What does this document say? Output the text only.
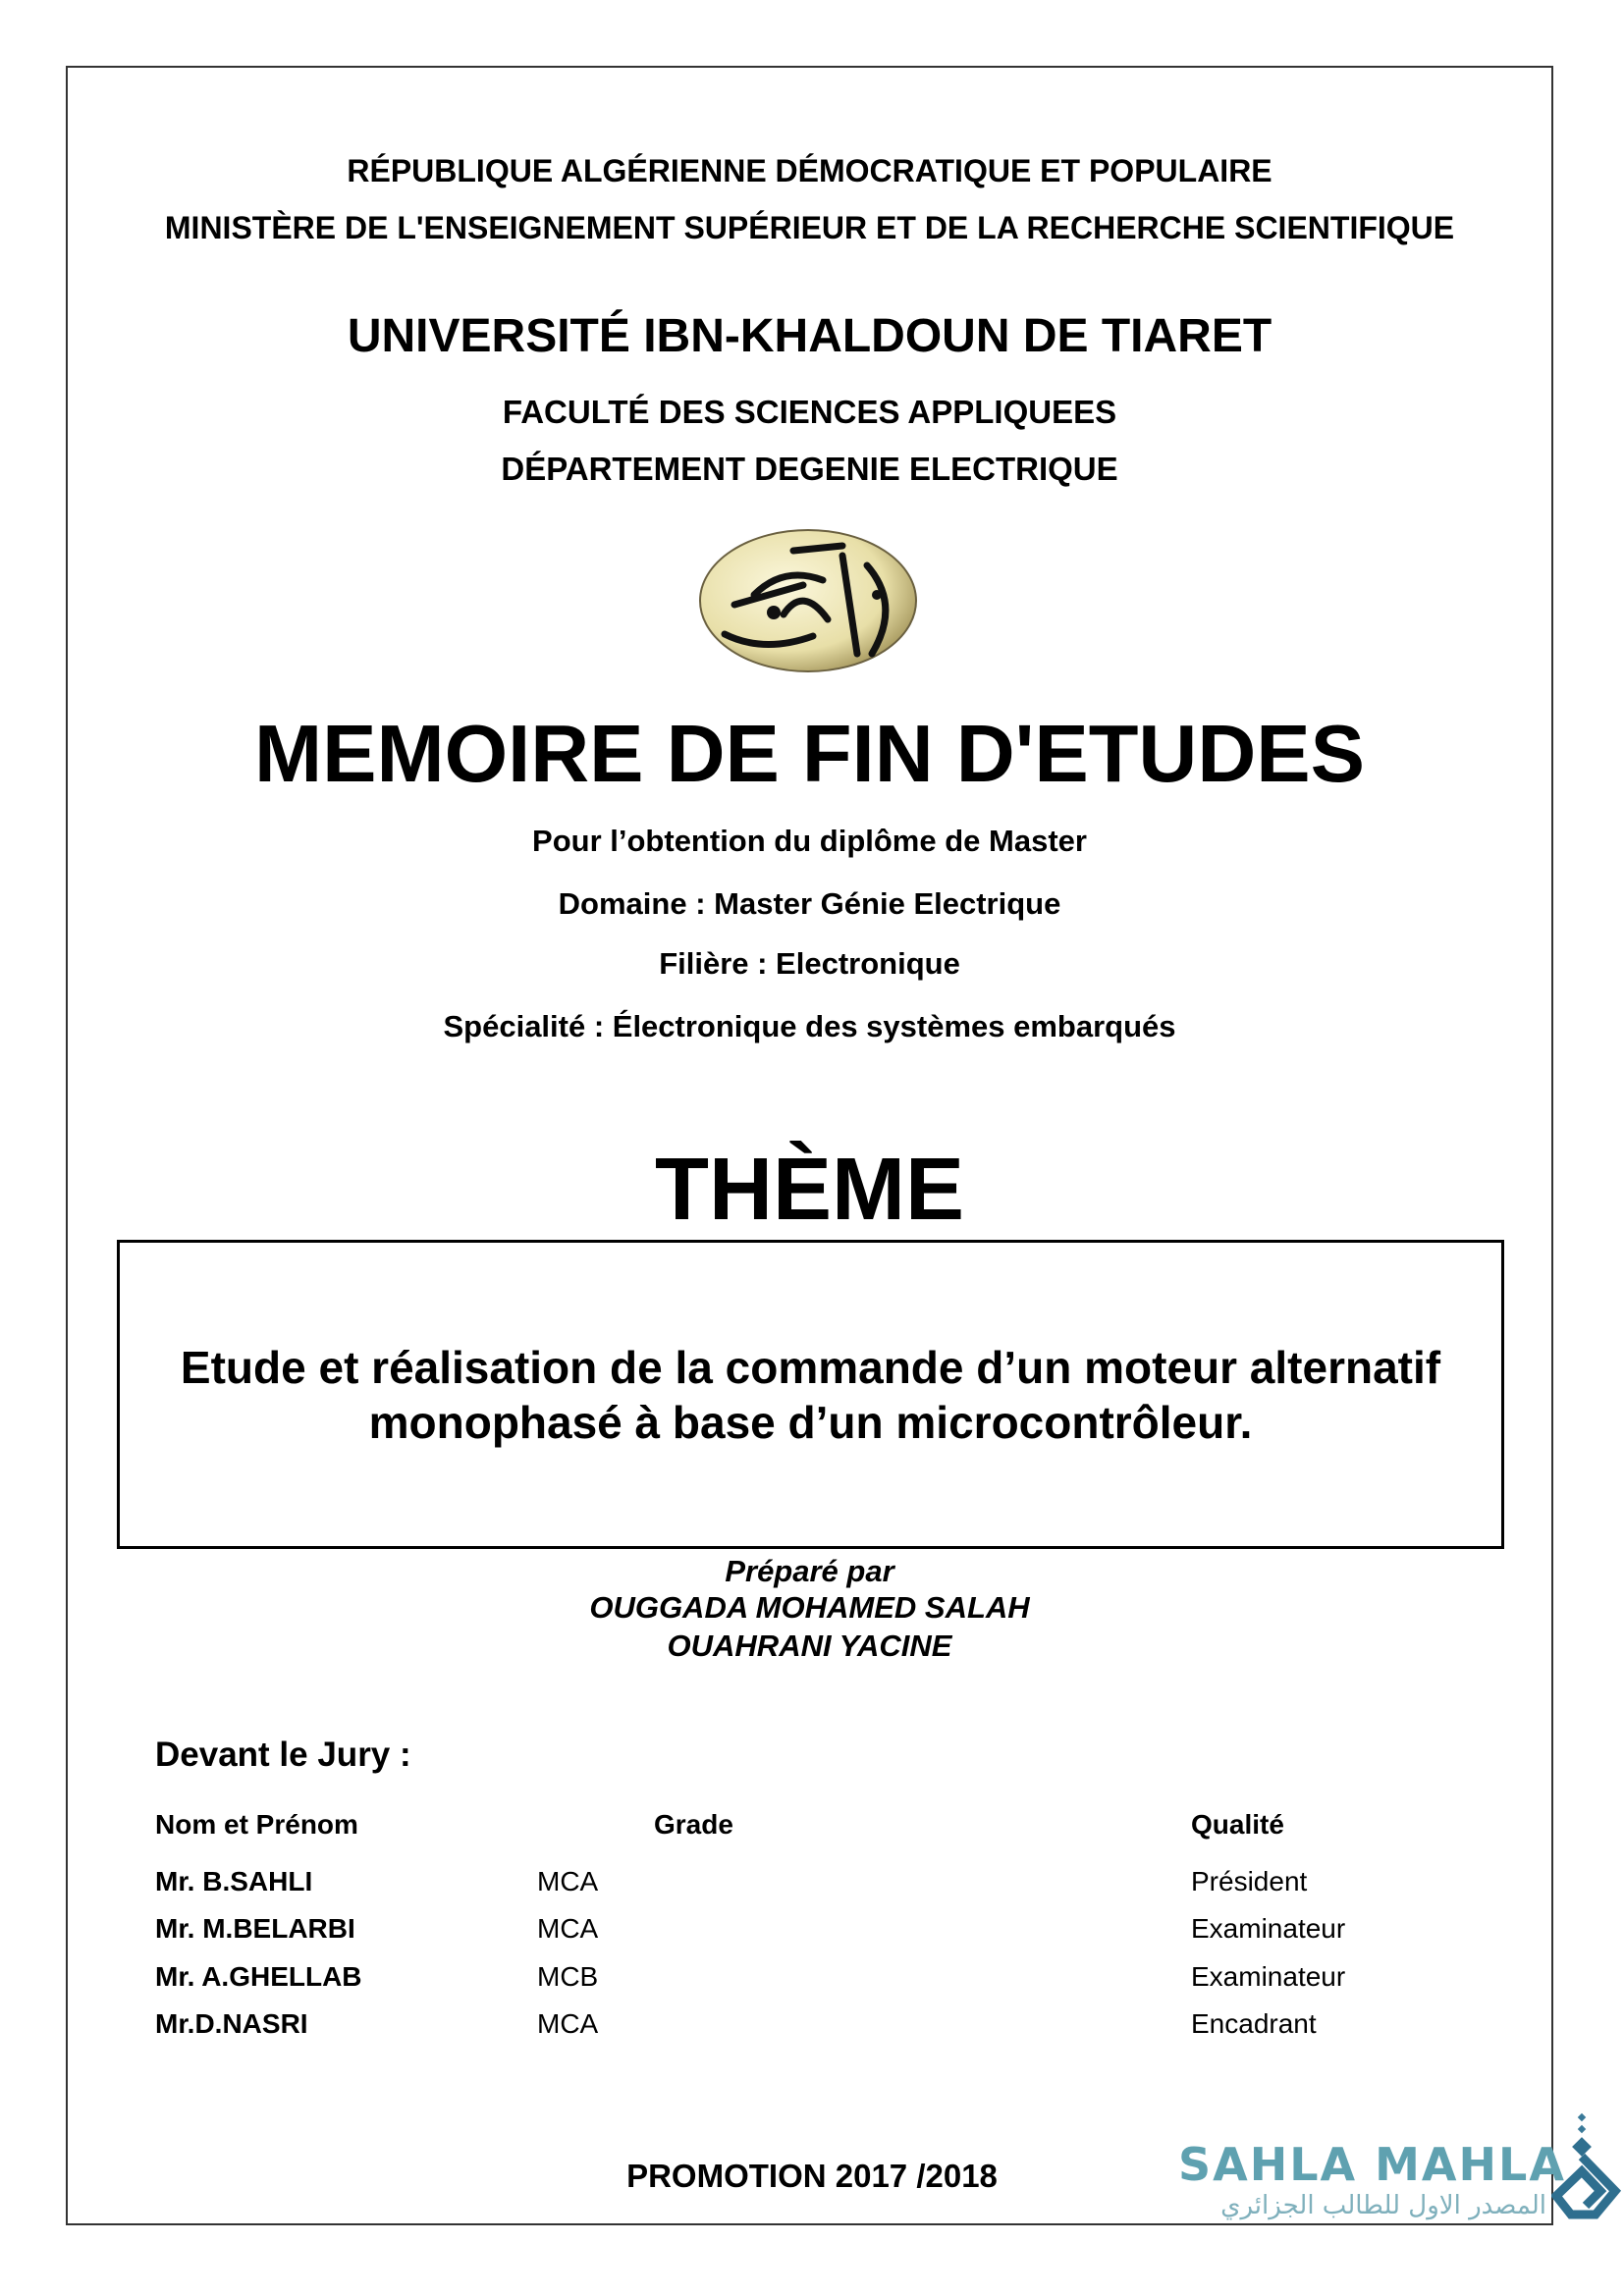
RÉPUBLIQUE ALGÉRIENNE DÉMOCRATIQUE ET POPULAIRE
MINISTÈRE DE L'ENSEIGNEMENT SUPÉRIEUR ET DE LA RECHERCHE SCIENTIFIQUE
UNIVERSITÉ IBN-KHALDOUN DE TIARET
FACULTÉ DES SCIENCES APPLIQUEES
DÉPARTEMENT DEGENIE ELECTRIQUE
MEMOIRE DE FIN D'ETUDES
Pour l’obtention du diplôme de Master
Domaine : Master Génie Electrique
Filière : Electronique
Spécialité : Électronique des systèmes embarqués
THÈME
Etude et réalisation de la commande d’un moteur alternatif
monophasé à base d’un microcontrôleur.
Préparé par
OUGGADA MOHAMED SALAH
OUAHRANI YACINE
Devant le Jury :
Nom et Prénom	Grade	Qualité
Mr. B.SAHLI	MCA	Président
Mr. M.BELARBI	MCA	Examinateur
Mr. A.GHELLAB	MCB	Examinateur
Mr.D.NASRI	MCA	Encadrant
PROMOTION 2017 /2018	SAHLA MAHLA
المصدر الاول للطالب الجزائري
